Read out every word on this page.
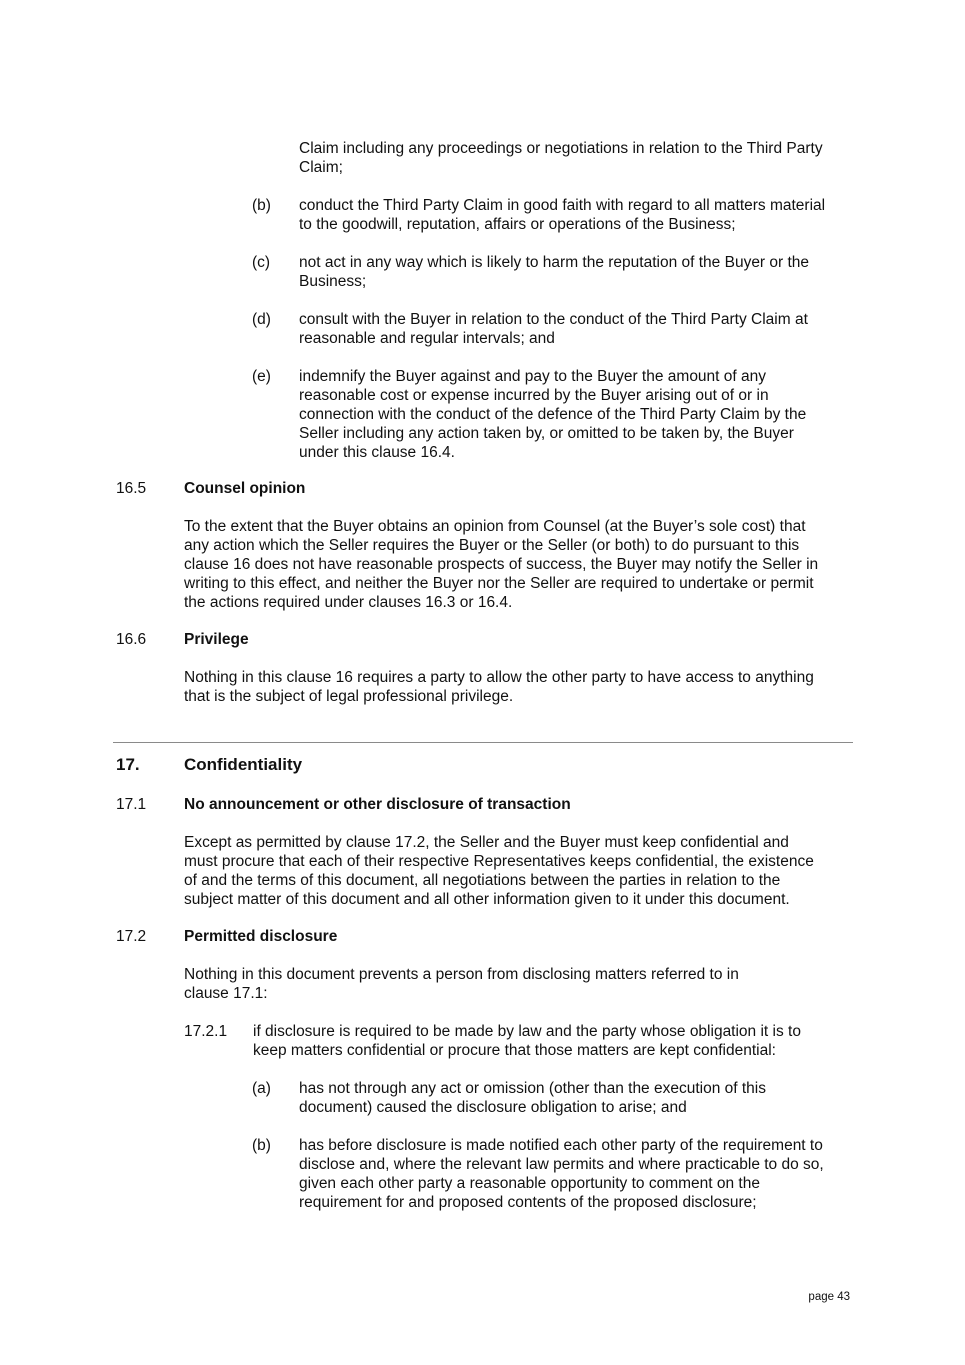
Claim including any proceedings or negotiations in relation to the Third Party
Claim;
(b) conduct the Third Party Claim in good faith with regard to all matters material
to the goodwill, reputation, affairs or operations of the Business;
(c) not act in any way which is likely to harm the reputation of the Buyer or the
Business;
(d) consult with the Buyer in relation to the conduct of the Third Party Claim at
reasonable and regular intervals; and
(e) indemnify the Buyer against and pay to the Buyer the amount of any
reasonable cost or expense incurred by the Buyer arising out of or in
connection with the conduct of the defence of the Third Party Claim by the
Seller including any action taken by, or omitted to be taken by, the Buyer
under this clause 16.4.
16.5 Counsel opinion
To the extent that the Buyer obtains an opinion from Counsel (at the Buyer’s sole cost) that
any action which the Seller requires the Buyer or the Seller (or both) to do pursuant to this
clause 16 does not have reasonable prospects of success, the Buyer may notify the Seller in
writing to this effect, and neither the Buyer nor the Seller are required to undertake or permit
the actions required under clauses 16.3 or 16.4.
16.6 Privilege
Nothing in this clause 16 requires a party to allow the other party to have access to anything
that is the subject of legal professional privilege.
17.	Confidentiality
17.1 No announcement or other disclosure of transaction
Except as permitted by clause 17.2, the Seller and the Buyer must keep confidential and
must procure that each of their respective Representatives keeps confidential, the existence
of and the terms of this document, all negotiations between the parties in relation to the
subject matter of this document and all other information given to it under this document.
17.2 Permitted disclosure
Nothing in this document prevents a person from disclosing matters referred to in
clause 17.1:
17.2.1 if disclosure is required to be made by law and the party whose obligation it is to
keep matters confidential or procure that those matters are kept confidential:
(a) has not through any act or omission (other than the execution of this
document) caused the disclosure obligation to arise; and
(b) has before disclosure is made notified each other party of the requirement to
disclose and, where the relevant law permits and where practicable to do so,
given each other party a reasonable opportunity to comment on the
requirement for and proposed contents of the proposed disclosure;
page 43
